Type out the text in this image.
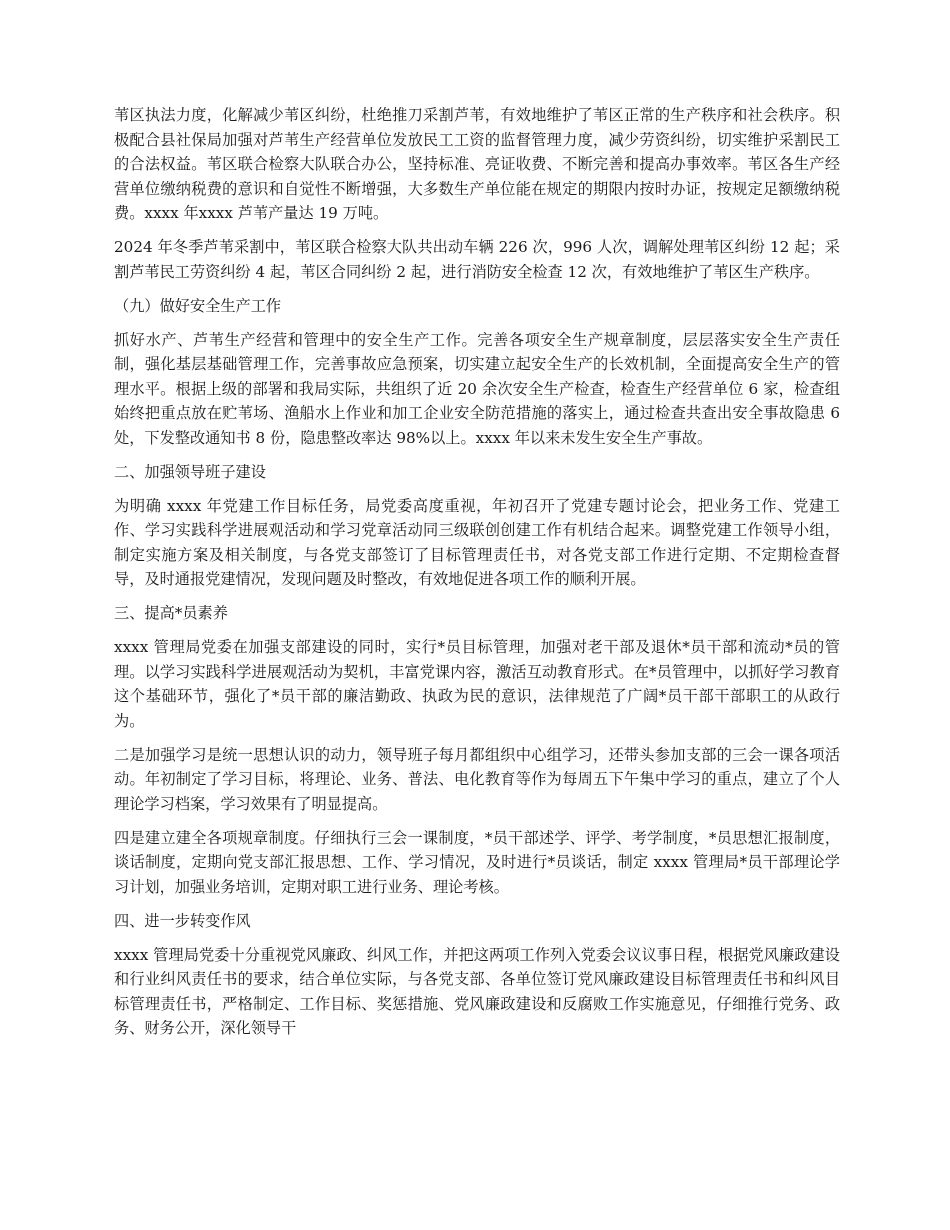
苇区执法力度，化解减少苇区纠纷，杜绝推刀采割芦苇，有效地维护了苇区正常的生产秩序和社会秩序。积极配合县社保局加强对芦苇生产经营单位发放民工工资的监督管理力度，减少劳资纠纷，切实维护采割民工的合法权益。苇区联合检察大队联合办公，坚持标准、亮证收费、不断完善和提高办事效率。苇区各生产经营单位缴纳税费的意识和自觉性不断增强，大多数生产单位能在规定的期限内按时办证，按规定足额缴纳税费。xxxx 年xxxx 芦苇产量达 19 万吨。

2024 年冬季芦苇采割中，苇区联合检察大队共出动车辆 226 次，996 人次，调解处理苇区纠纷 12 起；采割芦苇民工劳资纠纷 4 起，苇区合同纠纷 2 起，进行消防安全检查 12 次，有效地维护了苇区生产秩序。

（九）做好安全生产工作

抓好水产、芦苇生产经营和管理中的安全生产工作。完善各项安全生产规章制度，层层落实安全生产责任制，强化基层基础管理工作，完善事故应急预案，切实建立起安全生产的长效机制，全面提高安全生产的管理水平。根据上级的部署和我局实际，共组织了近 20 余次安全生产检查，检查生产经营单位 6 家，检查组始终把重点放在贮苇场、渔船水上作业和加工企业安全防范措施的落实上，通过检查共查出安全事故隐患 6 处，下发整改通知书 8 份，隐患整改率达 98%以上。xxxx 年以来未发生安全生产事故。

二、加强领导班子建设

为明确 xxxx 年党建工作目标任务，局党委高度重视，年初召开了党建专题讨论会，把业务工作、党建工作、学习实践科学进展观活动和学习党章活动同三级联创创建工作有机结合起来。调整党建工作领导小组，制定实施方案及相关制度，与各党支部签订了目标管理责任书，对各党支部工作进行定期、不定期检查督导，及时通报党建情况，发现问题及时整改，有效地促进各项工作的顺利开展。

三、提高*员素养

xxxx 管理局党委在加强支部建设的同时，实行*员目标管理，加强对老干部及退休*员干部和流动*员的管理。以学习实践科学进展观活动为契机，丰富党课内容，激活互动教育形式。在*员管理中，以抓好学习教育这个基础环节，强化了*员干部的廉洁勤政、执政为民的意识，法律规范了广阔*员干部干部职工的从政行为。

二是加强学习是统一思想认识的动力，领导班子每月都组织中心组学习，还带头参加支部的三会一课各项活动。年初制定了学习目标，将理论、业务、普法、电化教育等作为每周五下午集中学习的重点，建立了个人理论学习档案，学习效果有了明显提高。

四是建立建全各项规章制度。仔细执行三会一课制度，*员干部述学、评学、考学制度，*员思想汇报制度，谈话制度，定期向党支部汇报思想、工作、学习情况，及时进行*员谈话，制定 xxxx 管理局*员干部理论学习计划，加强业务培训，定期对职工进行业务、理论考核。

四、进一步转变作风

xxxx 管理局党委十分重视党风廉政、纠风工作，并把这两项工作列入党委会议议事日程，根据党风廉政建设和行业纠风责任书的要求，结合单位实际，与各党支部、各单位签订党风廉政建设目标管理责任书和纠风目标管理责任书，严格制定、工作目标、奖惩措施、党风廉政建设和反腐败工作实施意见，仔细推行党务、政务、财务公开，深化领导干
